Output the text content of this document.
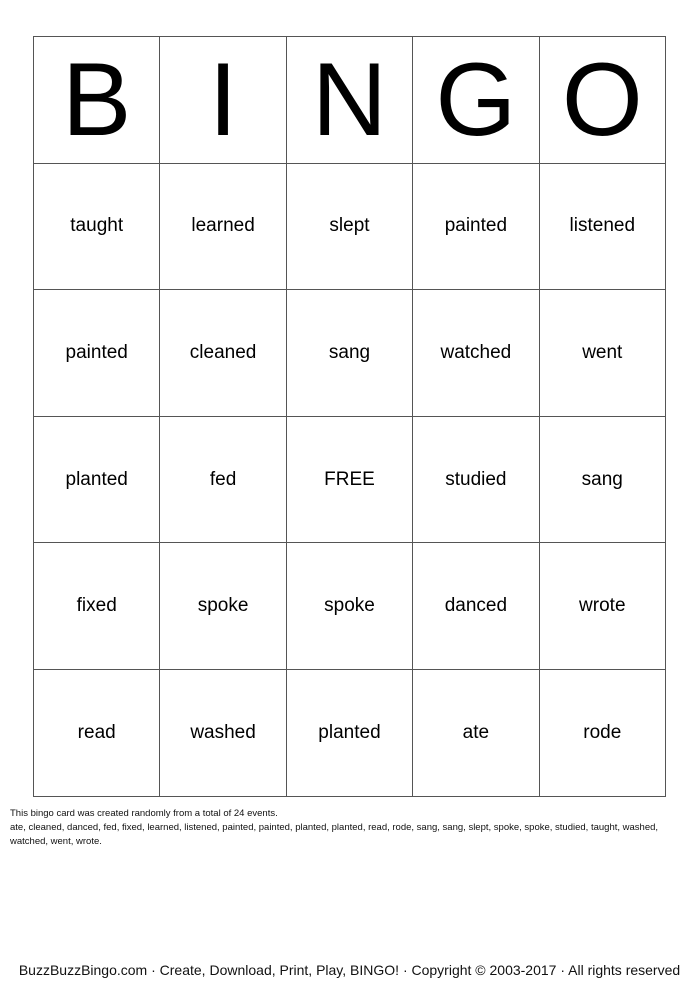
B	I	N	G	O
taught	learned	slept	painted	listened
painted	cleaned	sang	watched	went
planted	fed	FREE	studied	sang
fixed	spoke	spoke	danced	wrote
read	washed	planted	ate	rode
This bingo card was created randomly from a total of 24 events.
ate, cleaned, danced, fed, fixed, learned, listened, painted, painted, planted, planted, read, rode, sang, sang, slept, spoke, spoke, studied, taught, washed, watched, went, wrote.
BuzzBuzzBingo.com · Create, Download, Print, Play, BINGO! · Copyright © 2003-2017 · All rights reserved
